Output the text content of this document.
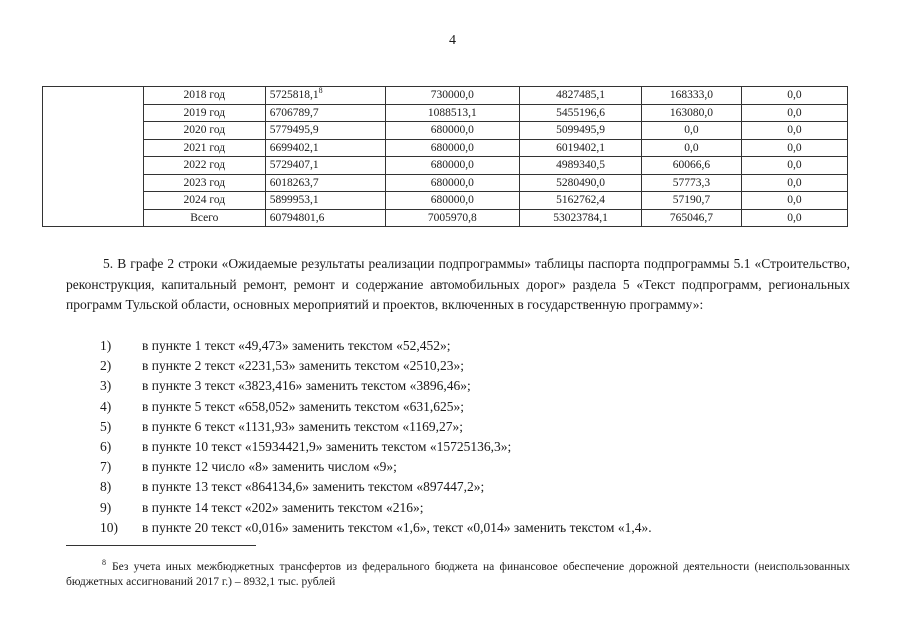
4
	2018 год	5725818,1$^8$	730000,0	4827485,1	168333,0	0,0
	2019 год	6706789,7	1088513,1	5455196,6	163080,0	0,0
	2020 год	5779495,9	680000,0	5099495,9	0,0	0,0
	2021 год	6699402,1	680000,0	6019402,1	0,0	0,0
	2022 год	5729407,1	680000,0	4989340,5	60066,6	0,0
	2023 год	6018263,7	680000,0	5280490,0	57773,3	0,0
	2024 год	5899953,1	680000,0	5162762,4	57190,7	0,0
	Всего	60794801,6	7005970,8	53023784,1	765046,7	0,0
5. В графе 2 строки «Ожидаемые результаты реализации подпрограммы» таблицы паспорта подпрограммы 5.1 «Строительство, реконструкция, капитальный ремонт, ремонт и содержание автомобильных дорог» раздела 5 «Текст подпрограмм, региональных программ Тульской области, основных мероприятий и проектов, включенных в государственную программу»:
1) в пункте 1 текст «49,473» заменить текстом «52,452»;
2) в пункте 2 текст «2231,53» заменить текстом «2510,23»;
3) в пункте 3 текст «3823,416» заменить текстом «3896,46»;
4) в пункте 5 текст «658,052» заменить текстом «631,625»;
5) в пункте 6 текст «1131,93» заменить текстом «1169,27»;
6) в пункте 10 текст «15934421,9» заменить текстом «15725136,3»;
7) в пункте 12 число «8» заменить числом «9»;
8) в пункте 13 текст «864134,6» заменить текстом «897447,2»;
9) в пункте 14 текст «202» заменить текстом «216»;
10) в пункте 20 текст «0,016» заменить текстом «1,6», текст «0,014» заменить текстом «1,4».
$^8$ Без учета иных межбюджетных трансфертов из федерального бюджета на финансовое обеспечение дорожной деятельности (неиспользованных бюджетных ассигнований 2017 г.) – 8932,1 тыс. рублей
